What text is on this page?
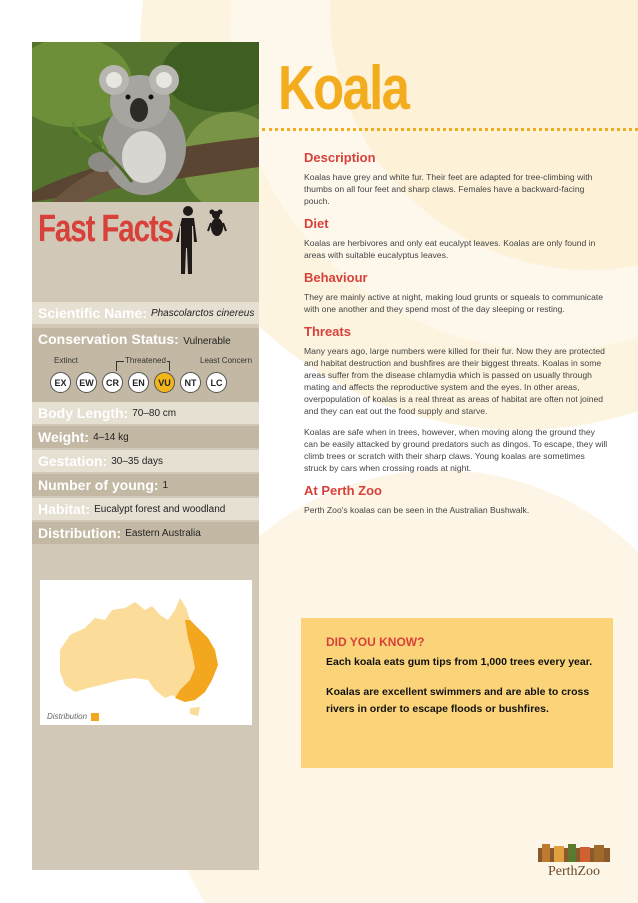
Fast Facts
Scientific Name: Phascolarctos cinereus
Conservation Status: Vulnerable
Extinct	Threatened	Least Concern
EX	EW	CR	EN	VU	NT	LC
Body Length: 70–80 cm
Weight: 4–14 kg
Gestation: 30–35 days
Number of young: 1
Habitat: Eucalypt forest and woodland
Distribution: Eastern Australia
Distribution
Koala
Description

Koalas have grey and white fur. Their feet are adapted for tree-climbing with thumbs on all four feet and sharp claws. Females have a backward-facing pouch.

Diet

Koalas are herbivores and only eat eucalypt leaves. Koalas are only found in areas with suitable eucalyptus leaves.

Behaviour

They are mainly active at night, making loud grunts or squeals to communicate with one another and they spend most of the day sleeping or resting.

Threats

Many years ago, large numbers were killed for their fur. Now they are protected and habitat destruction and bushfires are their biggest threats. Koalas in some areas suffer from the disease chlamydia which is passed on usually through mating and affects the reproductive system and the eyes. In other areas, overpopulation of koalas is a real threat as areas of habitat are often not joined and they can eat out the food supply and starve.

Koalas are safe when in trees, however, when moving along the ground they can be easily attacked by ground predators such as dingos. To escape, they will climb trees or scratch with their sharp claws. Young koalas are sometimes struck by cars when crossing roads at night.

At Perth Zoo

Perth Zoo's koalas can be seen in the Australian Bushwalk.

DID YOU KNOW?
Each koala eats gum tips from 1,000 trees every year.
Koalas are excellent swimmers and are able to cross rivers in order to escape floods or bushfires.
PerthZoo
